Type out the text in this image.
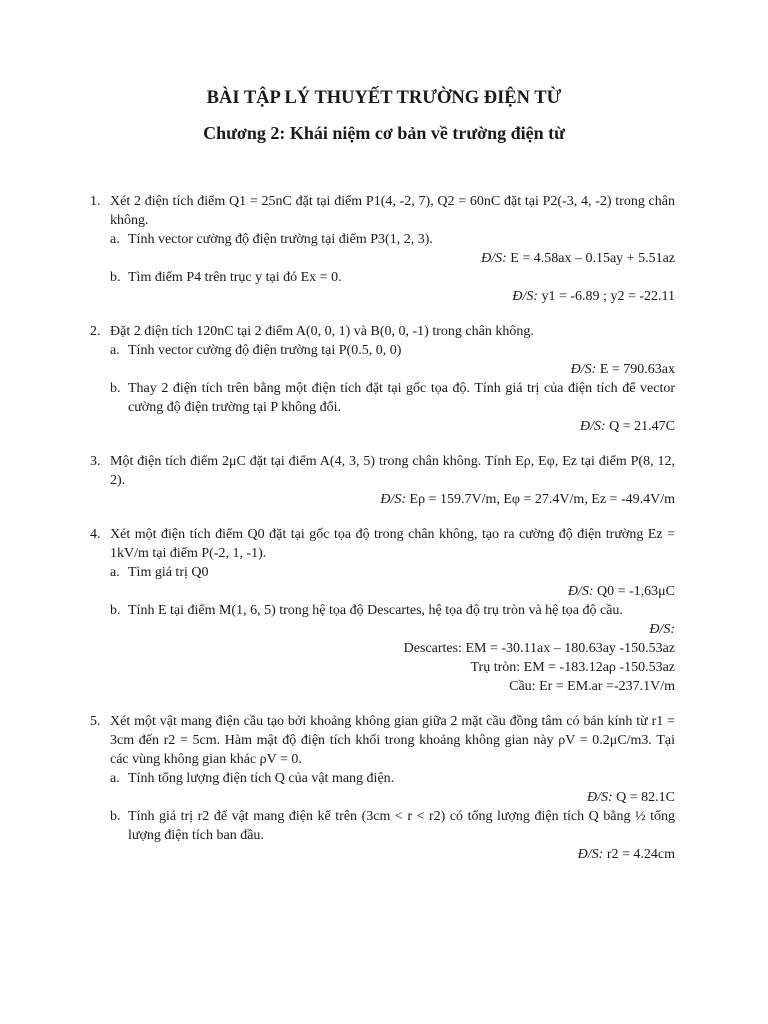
BÀI TẬP LÝ THUYẾT TRƯỜNG ĐIỆN TỪ
Chương 2: Khái niệm cơ bản về trường điện từ
1. Xét 2 điện tích điểm Q1 = 25nC đặt tại điểm P1(4, -2, 7), Q2 = 60nC đặt tại P2(-3, 4, -2) trong chân không.
a. Tính vector cường độ điện trường tại điểm P3(1, 2, 3).
Đ/S: E = 4.58ax – 0.15ay + 5.51az
b. Tìm điểm P4 trên trục y tại đó Ex = 0.
Đ/S: y1 = -6.89 ; y2 = -22.11
2. Đặt 2 điện tích 120nC tại 2 điểm A(0, 0, 1) và B(0, 0, -1) trong chân không.
a. Tính vector cường độ điện trường tại P(0.5, 0, 0)
Đ/S: E = 790.63ax
b. Thay 2 điện tích trên bằng một điện tích đặt tại gốc tọa độ. Tính giá trị của điện tích để vector cường độ điện trường tại P không đổi.
Đ/S: Q = 21.47C
3. Một điện tích điểm 2μC đặt tại điểm A(4, 3, 5) trong chân không. Tính Eρ, Eφ, Ez tại điểm P(8, 12, 2).
Đ/S: Eρ = 159.7V/m, Eφ = 27.4V/m, Ez = -49.4V/m
4. Xét một điện tích điểm Q0 đặt tại gốc tọa độ trong chân không, tạo ra cường độ điện trường Ez = 1kV/m tại điểm P(-2, 1, -1).
a. Tìm giá trị Q0
Đ/S: Q0 = -1,63μC
b. Tính E tại điểm M(1, 6, 5) trong hệ tọa độ Descartes, hệ tọa độ trụ tròn và hệ tọa độ cầu.
Đ/S:
Descartes: EM = -30.11ax – 180.63ay -150.53az
Trụ tròn: EM = -183.12aρ -150.53az
Cầu: Er = EM.ar =-237.1V/m
5. Xét một vật mang điện cầu tạo bởi khoảng không gian giữa 2 mặt cầu đồng tâm có bán kính từ r1 = 3cm đến r2 = 5cm. Hàm mật độ điện tích khối trong khoảng không gian này ρV = 0.2μC/m3. Tại các vùng không gian khác ρV = 0.
a. Tính tổng lượng điện tích Q của vật mang điện.
Đ/S: Q = 82.1C
b. Tính giá trị r2 để vật mang điện kể trên (3cm < r < r2) có tổng lượng điện tích Q bằng ½ tổng lượng điện tích ban đầu.
Đ/S: r2 = 4.24cm
